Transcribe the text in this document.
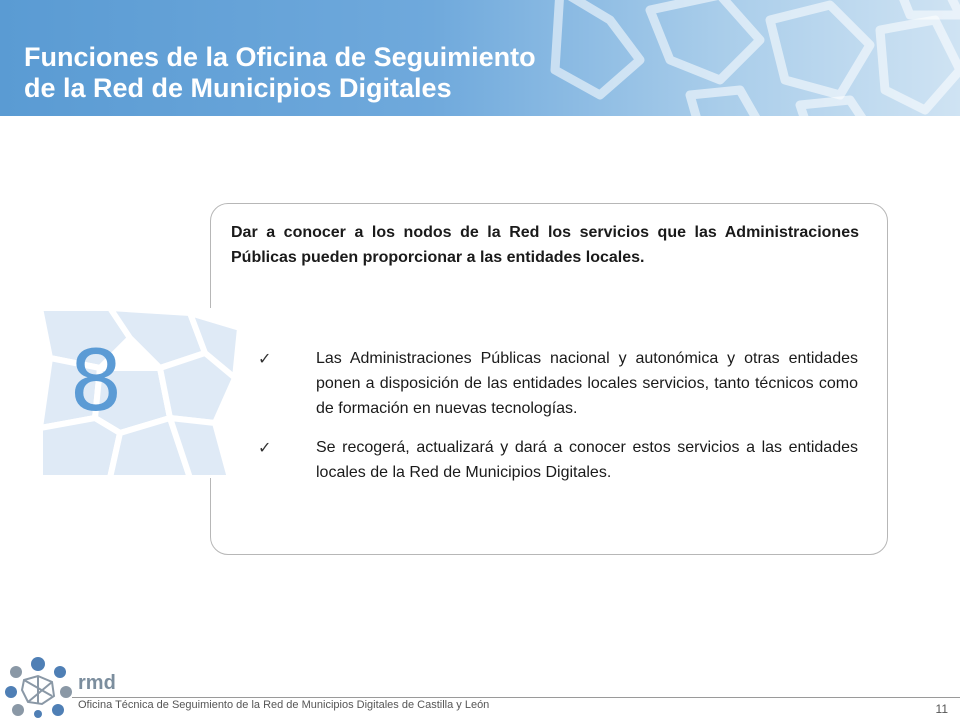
Funciones de la Oficina de Seguimiento
de la Red de Municipios Digitales

Dar a conocer a los nodos de la Red los servicios que las Administraciones Públicas pueden proporcionar a las entidades locales.

8	✓	Las Administraciones Públicas nacional y autonómica y otras entidades ponen a disposición de las entidades locales servicios, tanto técnicos como de formación en nuevas tecnologías.
✓	Se recogerá, actualizará y dará a conocer estos servicios a las entidades locales de la Red de Municipios Digitales.
rmd
Oficina Técnica de Seguimiento de la Red de Municipios Digitales de Castilla y León	11
